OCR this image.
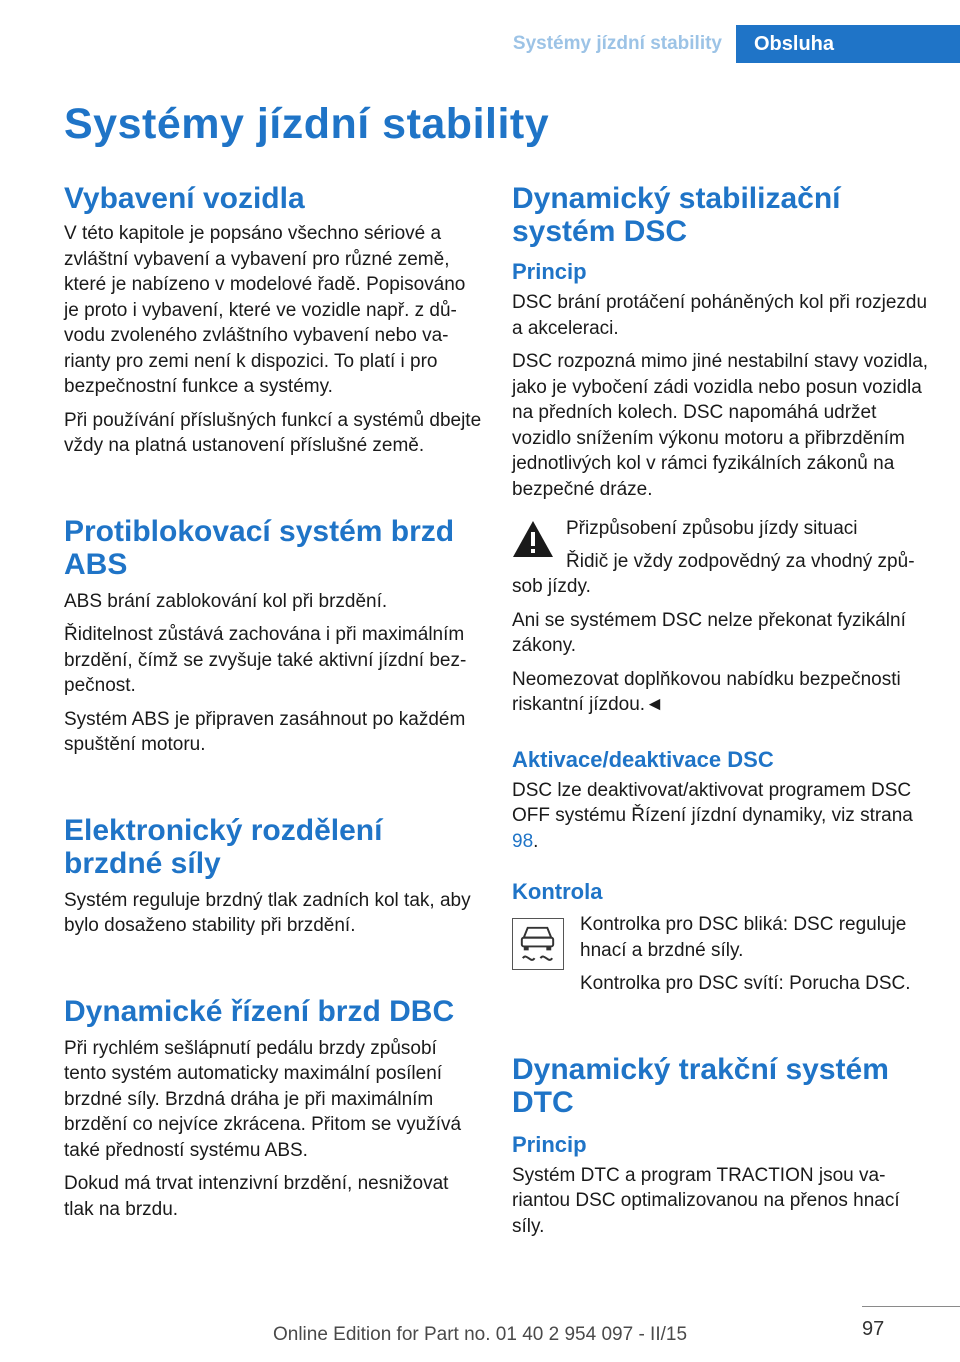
Systémy jízdní stability	Obsluha
Systémy jízdní stability
Vybavení vozidla

V této kapitole je popsáno všechno sériové a zvláštní vybavení a vybavení pro různé země, které je nabízeno v modelové řadě. Popisováno je proto i vybavení, které ve vozidle např. z důvodu zvoleného zvláštního vybavení nebo varianty pro zemi není k dispozici. To platí i pro bezpečnostní funkce a systémy.

Při používání příslušných funkcí a systémů dbejte vždy na platná ustanovení příslušné země.

Protiblokovací systém brzd ABS

ABS brání zablokování kol při brzdění.

Řiditelnost zůstává zachována i při maximálním brzdění, čímž se zvyšuje také aktivní jízdní bezpečnost.

Systém ABS je připraven zasáhnout po každém spuštění motoru.

Elektronický rozdělení brzdné síly

Systém reguluje brzdný tlak zadních kol tak, aby bylo dosaženo stability při brzdění.

Dynamické řízení brzd DBC

Při rychlém sešlápnutí pedálu brzdy způsobí tento systém automaticky maximální posílení brzdné síly. Brzdná dráha je při maximálním brzdění co nejvíce zkrácena. Přitom se využívá také předností systému ABS.

Dokud má trvat intenzivní brzdění, nesnižovat tlak na brzdu.

Dynamický stabilizační systém DSC
Princip

DSC brání protáčení poháněných kol při rozjezdu a akceleraci.

DSC rozpozná mimo jiné nestabilní stavy vozidla, jako je vybočení zádi vozidla nebo posun vozidla na předních kolech. DSC napomáhá udržet vozidlo snížením výkonu motoru a přibrzděním jednotlivých kol v rámci fyzikálních zákonů na bezpečné dráze.

Přizpůsobení způsobu jízdy situaci

Řidič je vždy zodpovědný za vhodný způsob jízdy.

Ani se systémem DSC nelze překonat fyzikální zákony.

Neomezovat doplňkovou nabídku bezpečnosti riskantní jízdou.◄

Aktivace/deaktivace DSC

DSC lze deaktivovat/aktivovat programem DSC OFF systému Řízení jízdní dynamiky, viz strana 98.

Kontrola

Kontrolka pro DSC bliká: DSC reguluje hnací a brzdné síly.

Kontrolka pro DSC svítí: Porucha DSC.

Dynamický trakční systém DTC
Princip

Systém DTC a program TRACTION jsou variantou DSC optimalizovanou na přenos hnací síly.

97
Online Edition for Part no. 01 40 2 954 097 - II/15
